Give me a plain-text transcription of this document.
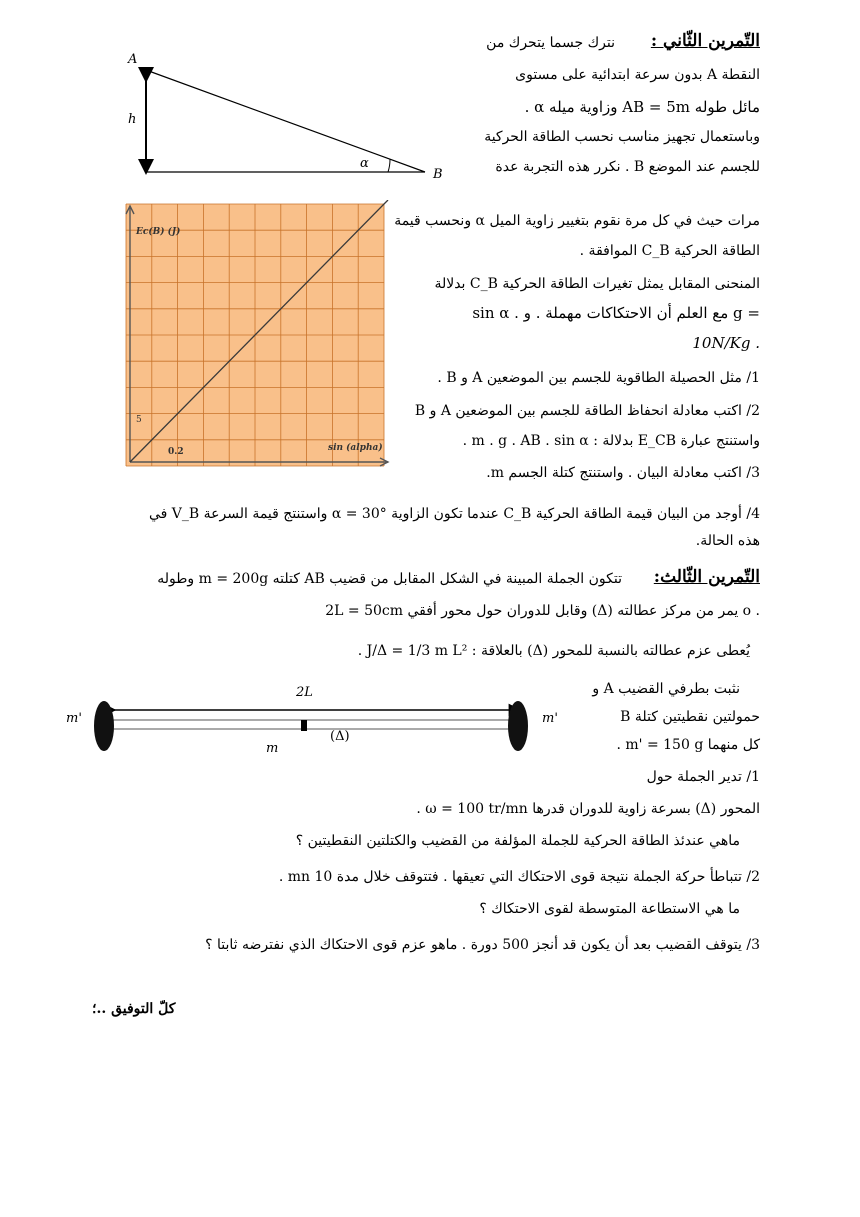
التّمرين الثّاني :
نترك جسما يتحرك من
النقطة A بدون سرعة ابتدائية على مستوى
مائل طوله AB = 5m وزاوية ميله α .
وباستعمال تجهيز مناسب نحسب الطاقة الحركية
للجسم عند الموضع B . نكرر هذه التجربة عدة
مرات حيث في كل مرة نقوم بتغيير زاوية الميل α ونحسب قيمة
الطاقة الحركية C_B الموافقة .
المنحنى المقابل يمثل تغيرات الطاقة الحركية C_B بدلالة
sin α . مع العلم أن الاحتكاكات مهملة . و g =
10N/Kg .
1/ مثل الحصيلة الطاقوية للجسم بين الموضعين A و B .
2/ اكتب معادلة انحفاظ الطاقة للجسم بين الموضعين A و B
واستنتج عبارة E_CB بدلالة : m . g . AB . sin α .
3/ اكتب معادلة البيان . واستنتج كتلة الجسم m.
4/ أوجد من البيان قيمة الطاقة الحركية C_B عندما تكون الزاوية α = 30° واستنتج قيمة السرعة V_B في
هذه الحالة.
A
h
α
B
Ec(B) (J)
sin (alpha)
0.2
5
التّمرين الثّالث:
تتكون الجملة المبينة في الشكل المقابل من قضيب AB كتلته m = 200g وطوله
2L = 50cm وقابل للدوران حول محور أفقي (Δ) يمر من مركز عطالته o .
يُعطى عزم عطالته بالنسبة للمحور (Δ) بالعلاقة : J/Δ = 1/3 m L² .
نثبت بطرفي القضيب A و
B حمولتين نقطيتين كتلة
كل منهما m' = 150 g .
1/ تدير الجملة حول
المحور (Δ) بسرعة زاوية للدوران قدرها ω = 100 tr/mn .
ماهي عندئذ الطاقة الحركية للجملة المؤلفة من القضيب والكتلتين النقطيتين ؟
2/ تتباطأ حركة الجملة نتيجة قوى الاحتكاك التي تعيقها . فتتوقف خلال مدة 10 mn .
ما هي الاستطاعة المتوسطة لقوى الاحتكاك ؟
3/ يتوقف القضيب بعد أن يكون قد أنجز 500 دورة . ماهو عزم قوى الاحتكاك الذي نفترضه ثابتا ؟
كلّ التوفيق ..؛
2L
m'	m'
m
(Δ)
